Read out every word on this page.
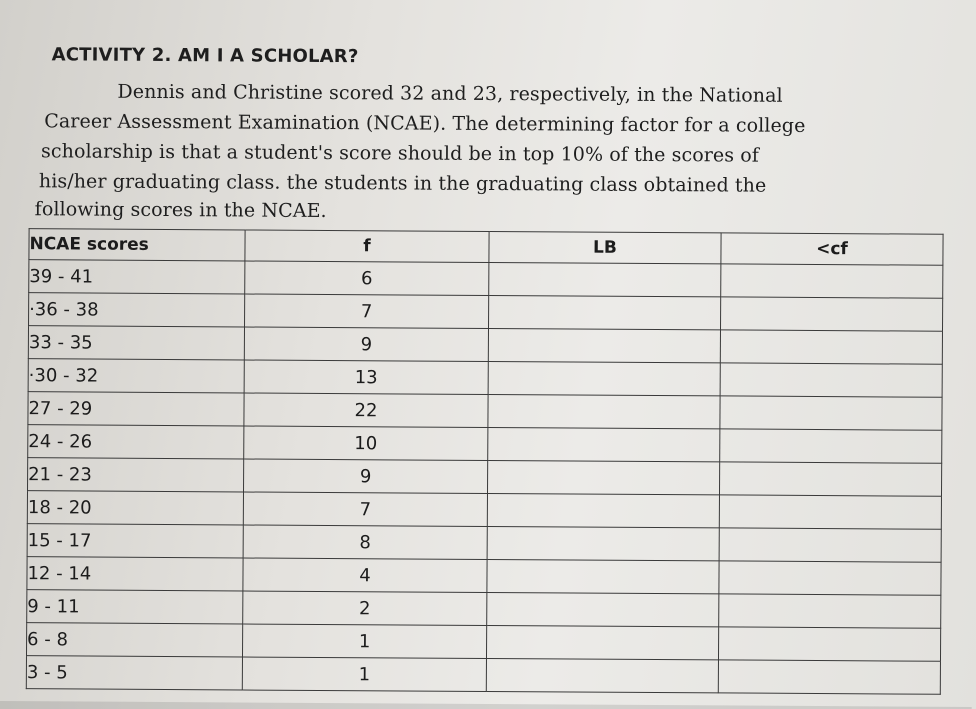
ACTIVITY 2. AM I A SCHOLAR?
Dennis and Christine scored 32 and 23, respectively, in the National
Career Assessment Examination (NCAE). The determining factor for a college
scholarship is that a student's score should be in top 10% of the scores of
his/her graduating class. the students in the graduating class obtained the
following scores in the NCAE.
NCAE scores	f	LB	<cf
39 - 41	6		
·36 - 38	7		
33 - 35	9		
·30 - 32	13		
27 - 29	22		
24 - 26	10		
21 - 23	9		
18 - 20	7		
15 - 17	8		
12 - 14	4		
9 - 11	2		
6 - 8	1		
3 - 5	1		
